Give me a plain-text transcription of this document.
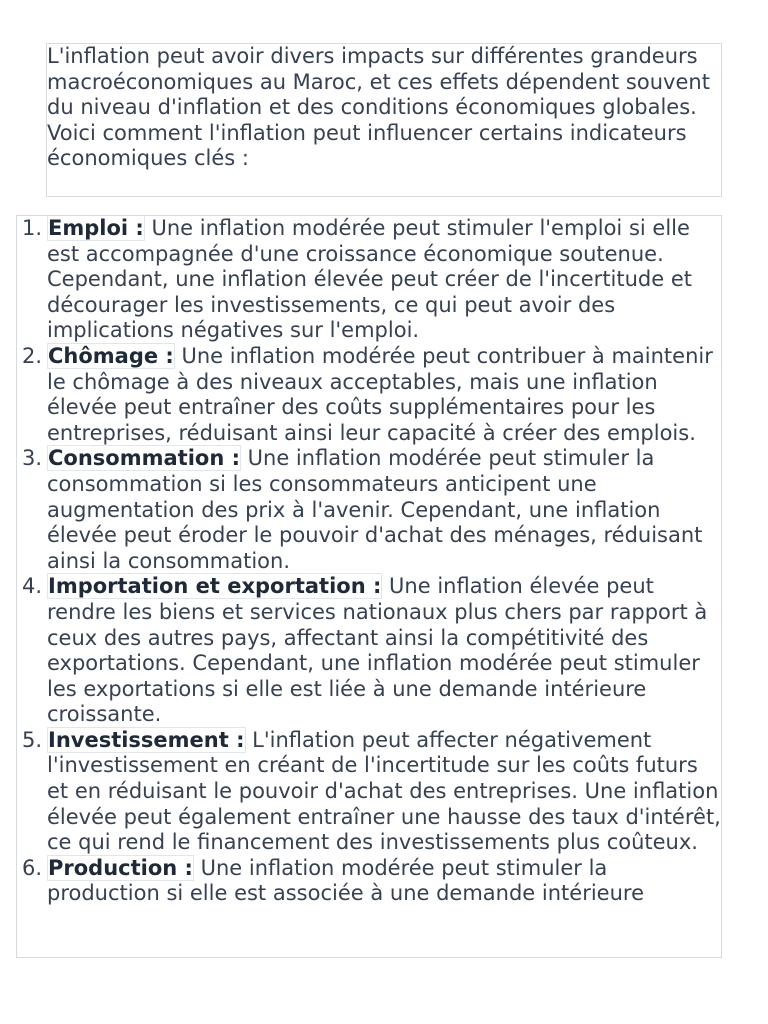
L'inflation peut avoir divers impacts sur différentes grandeurs macroéconomiques au Maroc, et ces effets dépendent souvent du niveau d'inflation et des conditions économiques globales. Voici comment l'inflation peut influencer certains indicateurs économiques clés :

1. Emploi : Une inflation modérée peut stimuler l'emploi si elle est accompagnée d'une croissance économique soutenue. Cependant, une inflation élevée peut créer de l'incertitude et décourager les investissements, ce qui peut avoir des implications négatives sur l'emploi.
2. Chômage : Une inflation modérée peut contribuer à maintenir le chômage à des niveaux acceptables, mais une inflation élevée peut entraîner des coûts supplémentaires pour les entreprises, réduisant ainsi leur capacité à créer des emplois.
3. Consommation : Une inflation modérée peut stimuler la consommation si les consommateurs anticipent une augmentation des prix à l'avenir. Cependant, une inflation élevée peut éroder le pouvoir d'achat des ménages, réduisant ainsi la consommation.
4. Importation et exportation : Une inflation élevée peut rendre les biens et services nationaux plus chers par rapport à ceux des autres pays, affectant ainsi la compétitivité des exportations. Cependant, une inflation modérée peut stimuler les exportations si elle est liée à une demande intérieure croissante.
5. Investissement : L'inflation peut affecter négativement l'investissement en créant de l'incertitude sur les coûts futurs et en réduisant le pouvoir d'achat des entreprises. Une inflation élevée peut également entraîner une hausse des taux d'intérêt, ce qui rend le financement des investissements plus coûteux.
6. Production : Une inflation modérée peut stimuler la production si elle est associée à une demande intérieure
